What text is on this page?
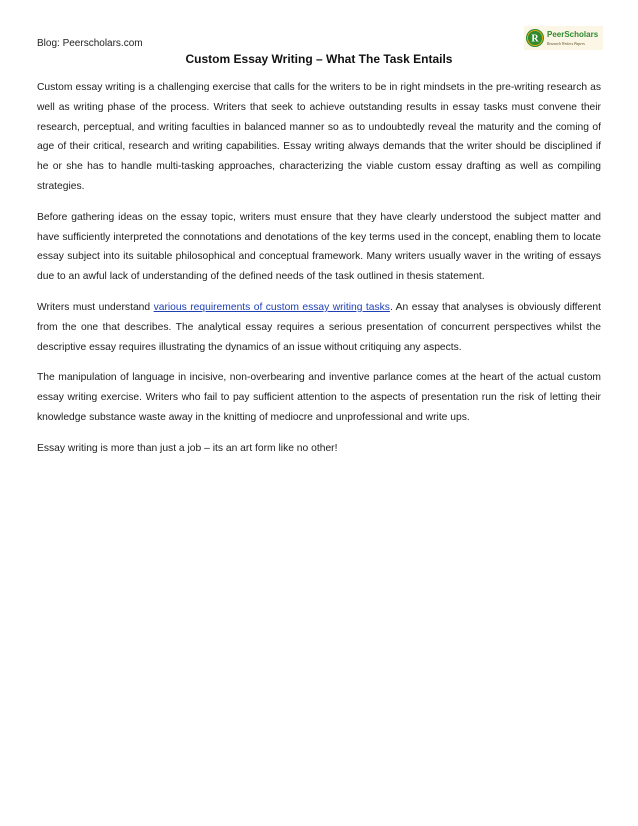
Blog: Peerscholars.com	R PeerScholars
Research Writers Papers
Custom Essay Writing – What The Task Entails

Custom essay writing is a challenging exercise that calls for the writers to be in right mindsets in the pre-writing research as well as writing phase of the process. Writers that seek to achieve outstanding results in essay tasks must convene their research, perceptual, and writing faculties in balanced manner so as to undoubtedly reveal the maturity and the coming of age of their critical, research and writing capabilities. Essay writing always demands that the writer should be disciplined if he or she has to handle multi-tasking approaches, characterizing the viable custom essay drafting as well as compiling strategies.

Before gathering ideas on the essay topic, writers must ensure that they have clearly understood the subject matter and have sufficiently interpreted the connotations and denotations of the key terms used in the concept, enabling them to locate essay subject into its suitable philosophical and conceptual framework. Many writers usually waver in the writing of essays due to an awful lack of understanding of the defined needs of the task outlined in thesis statement.

Writers must understand various requirements of custom essay writing tasks. An essay that analyses is obviously different from the one that describes. The analytical essay requires a serious presentation of concurrent perspectives whilst the descriptive essay requires illustrating the dynamics of an issue without critiquing any aspects.

The manipulation of language in incisive, non-overbearing and inventive parlance comes at the heart of the actual custom essay writing exercise. Writers who fail to pay sufficient attention to the aspects of presentation run the risk of letting their knowledge substance waste away in the knitting of mediocre and unprofessional and write ups.

Essay writing is more than just a job – its an art form like no other!
